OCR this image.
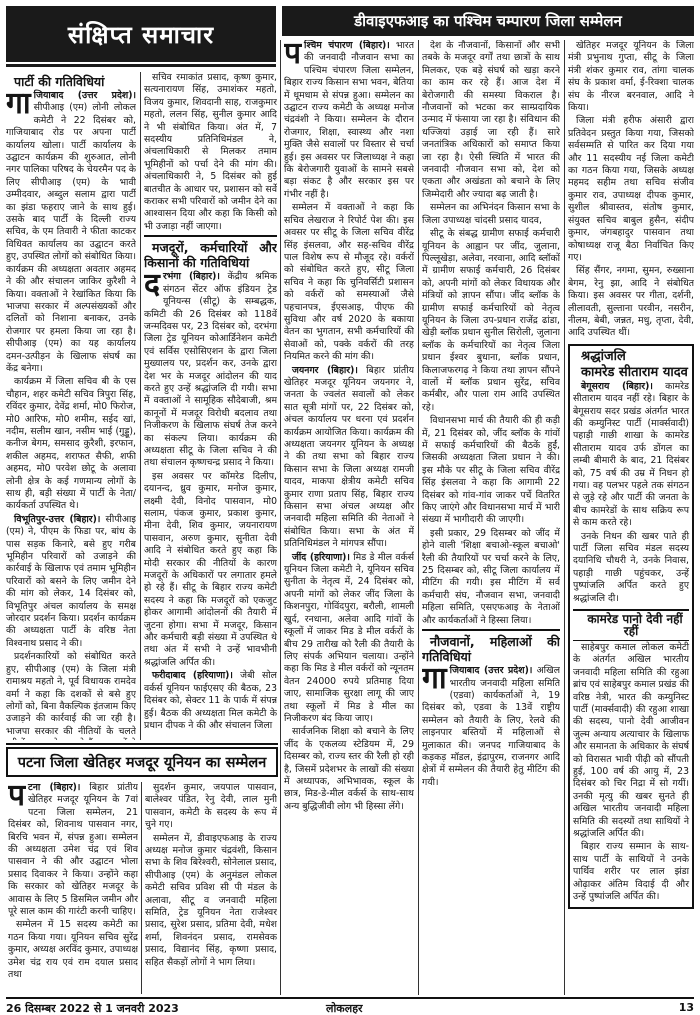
संक्षिप्त समाचार	डीवाइएफआइ का पश्चिम चम्पारण जिला सम्मेलन

पार्टी की गतिविधियां

गाजियाबाद (उत्तर प्रदेश)। सीपीआइ (एम) लोनी लोकल कमेटी ने 22 दिसंबर को, गाजियाबाद रोड पर अपना पार्टी कार्यालय खोला। पार्टी कार्यालय के उद्घाटन कार्यक्रम की शुरुआत, लोनी नगर पालिका परिषद के चेयरमैन पद के लिए सीपीआइ (एम) के भावी उम्मीदवार, अब्दुल सलाम द्वारा पार्टी का झंडा फहराए जाने के साथ हुई। उसके बाद पार्टी के दिल्ली राज्य सचिव, के एम तिवारी ने फीता काटकर विधिवत कार्यालय का उद्घाटन करते हुए, उपस्थित लोगों को संबोधित किया। कार्यक्रम की अध्यक्षता अवतार अहमद ने की और संचालन जाकिर कुरैशी ने किया। वक्ताओं ने रेखांकित किया कि भाजपा सरकार में अल्पसंख्यकों और दलितों को निशाना बनाकर, उनके रोजगार पर हमला किया जा रहा है। सीपीआइ (एम) का यह कार्यालय दमन-उत्पीड़न के खिलाफ संघर्ष का केंद्र बनेगा।

कार्यक्रम में जिला सचिव बी के एस चौहान, शहर कमेटी सचिव त्रिपुरा सिंह, रविंदर कुमार, देवेंद्र शर्मा, मो0 फिरोज, मो0 आरिफ, मो0 शमीम, सईद खां, नदीम, सलीम खान, नसीम भाई (गुड्डू), कनीज बेगम, समसाद कुरैशी, इरफान, शकील अहमद, शराफत सैफी, शफी अहमद, मो0 परवेश छोटू के अलावा लोनी क्षेत्र के कई गणमान्य लोगों के साथ ही, बड़ी संख्या में पार्टी के नेता/कार्यकर्ता उपस्थित थे।

विभूतिपुर-उत्तर (बिहार)। सीपीआइ (एम) ने, पीएम के फिडा पर, बांध के पास सड़क किनारे, बसे हुए गरीब भूमिहीन परिवारों को उजाड़ने की कार्रवाई के खिलाफ एवं तमाम भूमिहीन परिवारों को बसने के लिए जमीन देने की मांग को लेकर, 14 दिसंबर को, विभूतिपुर अंचल कार्यालय के समक्ष जोरदार प्रदर्शन किया। प्रदर्शन कार्यक्रम की अध्यक्षता पार्टी के वरिष्ठ नेता विश्वनाथ प्रसाद ने की।

प्रदर्शनकारियों को संबोधित करते हुए, सीपीआइ (एम) के जिला मंत्री रामाश्रय महतो ने, पूर्व विधायक रामदेव वर्मा ने कहा कि दशकों से बसे हुए लोगों को, बिना वैकल्पिक इंतजाम किए उजाड़ने की कार्रवाई की जा रही है। भाजपा सरकार की नीतियों के चलते

सचिव रमाकांत प्रसाद, कृष्ण कुमार, सत्यनारायण सिंह, उमाशंकर महतो, विजय कुमार, शिवदानी साह, राजकुमार महतो, ललन सिंह, सुनील कुमार आदि ने भी संबोधित किया। अंत में, 7 सदस्यीय प्रतिनिधिमंडल ने, अंचलाधिकारी से मिलकर तमाम भूमिहीनों को पर्चा देने की मांग की। अंचलाधिकारी ने, 5 दिसंबर को हुई बातचीत के आधार पर, प्रशासन को सर्वे कराकर सभी परिवारों को जमीन देने का आश्वासन दिया और कहा कि किसी को भी उजाड़ा नहीं जाएगा।

मजदूरों, कर्मचारियों और किसानों की गतिविधियां

दरभंगा (बिहार)। केंद्रीय श्रमिक संगठन सेंटर ऑफ इंडियन ट्रेड यूनियन्स (सीटू) के सम्बद्धक, कमिटी की 26 दिसंबर को 118वें जन्मदिवस पर, 23 दिसंबर को, दरभंगा जिला ट्रेड यूनियन कोआर्डिनेशन कमेटी एवं सर्विस एसोसिएशन के द्वारा जिला मुख्यालय पर, प्रदर्शन कर, उनके द्वारा देश भर के मजदूर आंदोलन की याद करते हुए उन्हें श्रद्धांजलि दी गयी। सभा में वक्ताओं ने सामूहिक सौदेबाजी, श्रम कानूनों में मजदूर विरोधी बदलाव तथा निजीकरण के खिलाफ संघर्ष तेज करने का संकल्प लिया। कार्यक्रम की अध्यक्षता सीटू के जिला सचिव ने की तथा संचालन कृष्णचन्द्र प्रसाद ने किया।

इस अवसर पर कॉमरेड दिलीप, दयानन्द, ध्रुव कुमार, मनोज कुमार, लक्ष्मी देवी, विनोद पासवान, मो0 सलाम, पंकज कुमार, प्रकाश कुमार, मीना देवी, शिव कुमार, जयनारायण पासवान, अरुण कुमार, सुनीता देवी आदि ने संबोधित करते हुए कहा कि मोदी सरकार की नीतियों के कारण मजदूरों के अधिकारों पर लगातार हमले हो रहे हैं। सीटू के बिहार राज्य कमेटी सदस्य ने कहा कि मजदूरों को एकजुट होकर आगामी आंदोलनों की तैयारी में जुटना होगा। सभा में मजदूर, किसान और कर्मचारी बड़ी संख्या में उपस्थित थे तथा अंत में सभी ने उन्हें भावभीनी श्रद्धांजलि अर्पित की।

फरीदाबाद (हरियाणा)। जेबी सोल वर्कर्स यूनियन फाईएसए की बैठक, 23 दिसंबर को, सेक्टर 11 के पार्क में संपन्न हुई। बैठक की अध्यक्षता मिल कमेटी के प्रधान दीपक ने की और संचालन जिला

पश्चिम चंपारण (बिहार)। भारत की जनवादी नौजवान सभा का पश्चिम चंपारण जिला सम्मेलन, बिहार राज्य किसान सभा भवन, बेतिया में धूमधाम से संपन्न हुआ। सम्मेलन का उद्घाटन राज्य कमेटी के अध्यक्ष मनोज चंद्रवंशी ने किया। सम्मेलन के दौरान रोजगार, शिक्षा, स्वास्थ्य और नशा मुक्ति जैसे सवालों पर विस्तार से चर्चा हुई। इस अवसर पर जिलाध्यक्ष ने कहा कि बेरोजगारी युवाओं के सामने सबसे बड़ा संकट है और सरकार इस पर गंभीर नहीं है।

सम्मेलन में वक्ताओं ने कहा कि सचिव लेखराज ने रिपोर्ट पेश की। इस अवसर पर सीटू के जिला सचिव वीरेंद्र सिंह इंसलवा, और सह-सचिव वीरेंद्र पाल विशेष रूप से मौजूद रहे। वर्करों को संबोधित करते हुए, सीटू जिला सचिव ने कहा कि चुनिवर्सिटी प्रशासन को वर्करों को समस्याओं जैसे पहचानपत्र, ईएसआइ, पीएफ की सुविधा और वर्ष 2020 के बकाया वेतन का भुगतान, सभी कर्मचारियों की सेवाओं को, पक्के वर्करों की तरह नियमित करने की मांग की।

जयनगर (बिहार)। बिहार प्रांतीय खेतिहर मजदूर यूनियन जयनगर ने, जनता के ज्वलंत सवालों को लेकर सात सूत्री मांगों पर, 22 दिसंबर को, अंचल कार्यालय पर धरना एवं प्रदर्शन कार्यक्रम आयोजित किया। कार्यक्रम की अध्यक्षता जयनगर यूनियन के अध्यक्ष ने की तथा सभा को बिहार राज्य किसान सभा के जिला अध्यक्ष रामजी यादव, माकपा क्षेत्रीय कमेटी सचिव कुमार राणा प्रताप सिंह, बिहार राज्य किसान सभा अंचल अध्यक्ष और जनवादी महिला समिति की नेताओं ने संबोधित किया। सभा के अंत में प्रतिनिधिमंडल ने मांगपत्र सौंपा।

जींद (हरियाणा)। मिड डे मील वर्कर्स यूनियन जिला कमेटी ने, यूनियन सचिव सुनीता के नेतृत्व में, 24 दिसंबर को, अपनी मांगों को लेकर जींद जिला के किशनपुरा, गोविंदपुरा, बरौली, शामली खुर्द, रनधाना, अलेवा आदि गांवों के स्कूलों में जाकर मिड डे मील वर्करों के बीच 29 तारीख को रैली की तैयारी के लिए संपर्क अभियान चलाया। उन्होंने कहा कि मिड डे मील वर्करों को न्यूनतम वेतन 24000 रुपये प्रतिमाह दिया जाए, सामाजिक सुरक्षा लागू की जाए तथा स्कूलों में मिड डे मील का निजीकरण बंद किया जाए।

सार्वजनिक शिक्षा को बचाने के लिए जींद के एकलव्य स्टेडियम में, 29 दिसम्बर को, राज्य स्तर की रैली हो रही है, जिसमें प्रदेशभर के लाखों की संख्या में अध्यापक, अभिभावक, स्कूल के छात्र, मिड-डे-मील वर्कर्स के साथ-साथ अन्य बुद्धिजीवी लोग भी हिस्सा लेंगे।

देश के नौजवानों, किसानों और सभी तबके के मजदूर वर्गों तथा छात्रों के साथ मिलकर, एक बड़े संघर्ष को खड़ा करने का काम कर रहे हैं। आज देश में बेरोजगारी की समस्या विकराल है। नौजवानों को भटका कर साम्प्रदायिक उन्माद में फंसाया जा रहा है। संविधान की धज्जियां उड़ाई जा रही हैं। सारे जनतांत्रिक अधिकारों को समाप्त किया जा रहा है। ऐसी स्थिति में भारत की जनवादी नौजवान सभा को, देश को एकता और अखंडता को बचाने के लिए जिम्मेदारी और ज्यादा बढ़ जाती है।

सम्मेलन का अभिनंदन किसान सभा के जिला उपाध्यक्ष चांदसी प्रसाद यादव,

सीटू के संबद्ध ग्रामीण सफाई कर्मचारी यूनियन के आह्वान पर जींद, जुलाना, पिल्लूखेड़ा, अलेवा, नरवाना, आदि ब्लॉकों में ग्रामीण सफाई कर्मचारी, 26 दिसंबर को, अपनी मांगों को लेकर विधायक और मंत्रियों को ज्ञापन सौंपा। जींद ब्लॉक के ग्रामीण सफाई कर्मचारियों को नेतृत्व यूनियन के जिला उप-प्रधान राजेंद्र ढांडा, खेड़ी ब्लॉक प्रधान सुनील सिरोली, जुलाना ब्लॉक के कर्मचारियों का नेतृत्व जिला प्रधान ईश्वर बुधाना, ब्लॉक प्रधान, किलाजफरगढ़ ने किया तथा ज्ञापन सौंपने वालों में ब्लॉक प्रधान सुरेंद्र, सचिव कर्मबीर, और पाला राम आदि उपस्थित रहे।

विधानसभा मार्च की तैयारी की ही कड़ी में, 21 दिसंबर को, जींद ब्लॉक के गांवों में सफाई कर्मचारियों की बैठकें हुईं, जिसकी अध्यक्षता जिला प्रधान ने की। इस मौके पर सीटू के जिला सचिव वीरेंद्र सिंह इंसलवा ने कहा कि आगामी 22 दिसंबर को गांव-गांव जाकर पर्चे वितरित किए जाएंगे और विधानसभा मार्च में भारी संख्या में भागीदारी की जाएगी।

इसी प्रकार, 29 दिसम्बर को जींद में होने वाली 'शिक्षा बचाओ-स्कूल बचाओ' रैली की तैयारियों पर चर्चा करने के लिए, 25 दिसम्बर को, सीटू जिला कार्यालय में मीटिंग की गयी। इस मीटिंग में सर्व कर्मचारी संघ, नौजवान सभा, जनवादी महिला समिति, एसएफआइ के नेताओं और कार्यकर्ताओं ने हिस्सा लिया।

नौजवानों, महिलाओं की गतिविधियां

गाजियाबाद (उत्तर प्रदेश)। अखिल भारतीय जनवादी महिला समिति (एडवा) कार्यकर्ताओं ने, 19 दिसंबर को, एडवा के 13वें राष्ट्रीय सम्मेलन को तैयारी के लिए, रेलवे की लाइनपार बस्तियों में महिलाओं से मुलाकात की। जनपद गाजियाबाद के कड़कड़ मॉडल, इंद्रापुरम, राजनगर आदि क्षेत्रों में सम्मेलन की तैयारी हेतु मीटिंग की गयी।

खेतिहर मजदूर यूनियन के जिला मंत्री प्रभुनाथ गुप्ता, सीटू के जिला मंत्री शंकर कुमार राव, तांगा चालक संघ के प्रकाश वर्मा, ई-रिक्शा चालक संघ के नीरज बरनवाल, आदि ने किया।

जिला मंत्री हरीफ अंसारी द्वारा प्रतिवेदन प्रस्तुत किया गया, जिसको सर्वसम्मति से पारित कर दिया गया और 11 सदस्यीय नई जिला कमेटी का गठन किया गया, जिसके अध्यक्ष महमद सहीम तथा सचिव संजीव कुमार राव, उपाध्यक्ष दीपक कुमार, सुशील श्रीवास्तव, संतोष कुमार, संयुक्त सचिव बाबुल हुसैन, संदीप कुमार, जंगबहादुर पासवान तथा कोषाध्यक्ष राजू बैठा निर्वाचित किए गए।

सिंह सैंगर, नगमा, सुमन, रुख्साना बेगम, रेनु झा, आदि ने संबोधित किया। इस अवसर पर गीता, दर्शनी, लीलावती, सुल्ताना परवीन, नसरीन, नीलम, बेबी, जन्नत, मधु, तृप्ता, देवी, आदि उपस्थित थीं।

श्रद्धांजलि

कामरेड सीताराम यादव

बेगूसराय (बिहार)। कामरेड सीताराम यादव नहीं रहे। बिहार के बेगूसराय सदर प्रखंड अंतर्गत भारत की कम्युनिस्ट पार्टी (मार्क्सवादी) पहाड़ी गाछी शाखा के कामरेड सीताराम यादव उर्फ डोंगल का लम्बी बीमारी के बाद, 21 दिसंबर को, 75 वर्ष की उम्र में निधन हो गया। वह पलभर पहले तक संगठन से जुड़े रहे और पार्टी की जनता के बीच कामरेडों के साथ सक्रिय रूप से काम करते रहे।

उनके निधन की खबर पाते ही पार्टी जिला सचिव मंडल सदस्य दयानिधि चौधरी ने, उनके निवास, पहाड़ी गाछी पहुंचकर, उन्हें पुष्पांजलि अर्पित करते हुए श्रद्धांजलि दी।

कामरेड पानो देवी नहीं रहीं

साहेबपुर कमाल लोकल कमेटी के अंतर्गत अखिल भारतीय जनवादी महिला समिति की रहुआ ब्रांच एवं साहेबपुर कमाल प्रखंड की वरिष्ठ नेत्री, भारत की कम्युनिस्ट पार्टी (मार्क्सवादी) की रहुआ शाखा की सदस्य, पानो देवी आजीवन जुल्म अन्याय अत्याचार के खिलाफ और समानता के अधिकार के संघर्ष को विरासत भावी पीढ़ी को सौंपती हुई, 100 वर्ष की आयु में, 23 दिसंबर को चिर निद्रा में सो गयीं। उनकी मृत्यु की खबर सुनते ही अखिल भारतीय जनवादी महिला समिति की सदस्यों तथा साथियों ने श्रद्धांजलि अर्पित की।

बिहार राज्य सम्मान के साथ-साथ पार्टी के साथियों ने उनके पार्थिव शरीर पर लाल झंडा ओढ़ाकर अंतिम विदाई दी और उन्हें पुष्पांजलि अर्पित की।

पटना जिला खेतिहर मजदूर यूनियन का सम्मेलन

पटना (बिहार)। बिहार प्रांतीय खेतिहर मजदूर यूनियन के 7वां पटना जिला सम्मेलन, 21 दिसंबर को, शिवनाथ पासवान नगर, बिरचि भवन में, संपन्न हुआ। सम्मेलन की अध्यक्षता उमेश चंद्र एवं शिव पासवान ने की और उद्घाटन भोला प्रसाद दिवाकर ने किया। उन्होंने कहा कि सरकार को खेतिहर मजदूर के आवास के लिए 5 डिसमिल जमीन और पूरे साल काम की गारंटी करनी चाहिए।

सम्मेलन में 15 सदस्य कमेटी का गठन किया गया। यूनियन सचिव सुरेंद्र कुमार, अध्यक्ष अरविंद कुमार, उपाध्यक्ष उमेश चंद्र राय एवं राम दयाल प्रसाद तथा

सुदर्शन कुमार, जयपाल पासवान, बालेश्वर पंडित, रेनु देवी, लाल मुनी पासवान, कमेटी के सदस्य के रूप में चुने गए।

सम्मेलन में, डीवाइएफआइ के राज्य अध्यक्ष मनोज कुमार चंद्रवंशी, किसान सभा के शिव बिरेश्वरी, सोनेलाल प्रसाद, सीपीआइ (एम) के अनुमंडल लोकल कमेटी सचिव प्रविश सी पी मंडल के अलावा, सीटू व जनवादी महिला समिति, ट्रेड यूनियन नेता राजेश्वर प्रसाद, सुरेश प्रसाद, प्रतिमा देवी, मधेश शर्मा, शिवनंदन प्रसाद, रामसेवक प्रसाद, विद्यानंद सिंह, कृष्णा प्रसाद, सहित सैकड़ों लोगों ने भाग लिया।

26 दिसम्बर 2022 से 1 जनवरी 2023	लोकलहर	13
